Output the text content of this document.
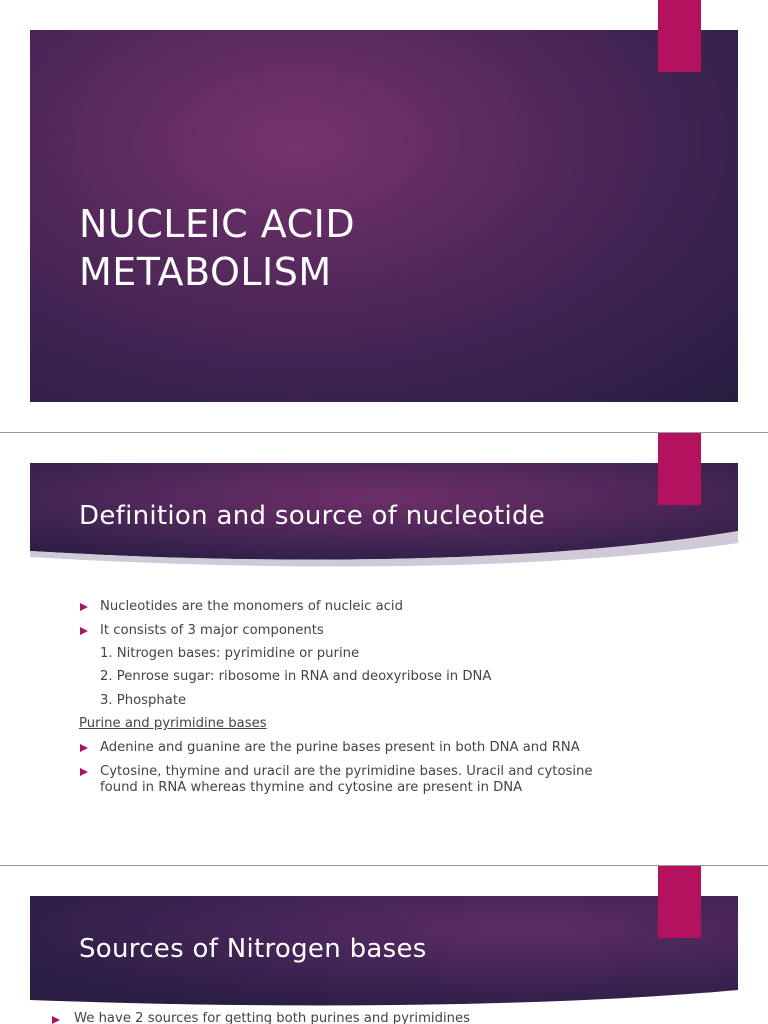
NUCLEIC ACID
METABOLISM
Definition and source of nucleotide
Nucleotides are the monomers of nucleic acid
It consists of 3 major components
1. Nitrogen bases: pyrimidine or purine
2. Penrose sugar: ribosome in RNA and deoxyribose in DNA
3. Phosphate
Purine and pyrimidine bases
Adenine and guanine are the purine bases present in both DNA and RNA
Cytosine, thymine and uracil are the pyrimidine bases. Uracil and cytosine
found in RNA whereas thymine and cytosine are present in DNA
Sources of Nitrogen bases
We have 2 sources for getting both purines and pyrimidines
